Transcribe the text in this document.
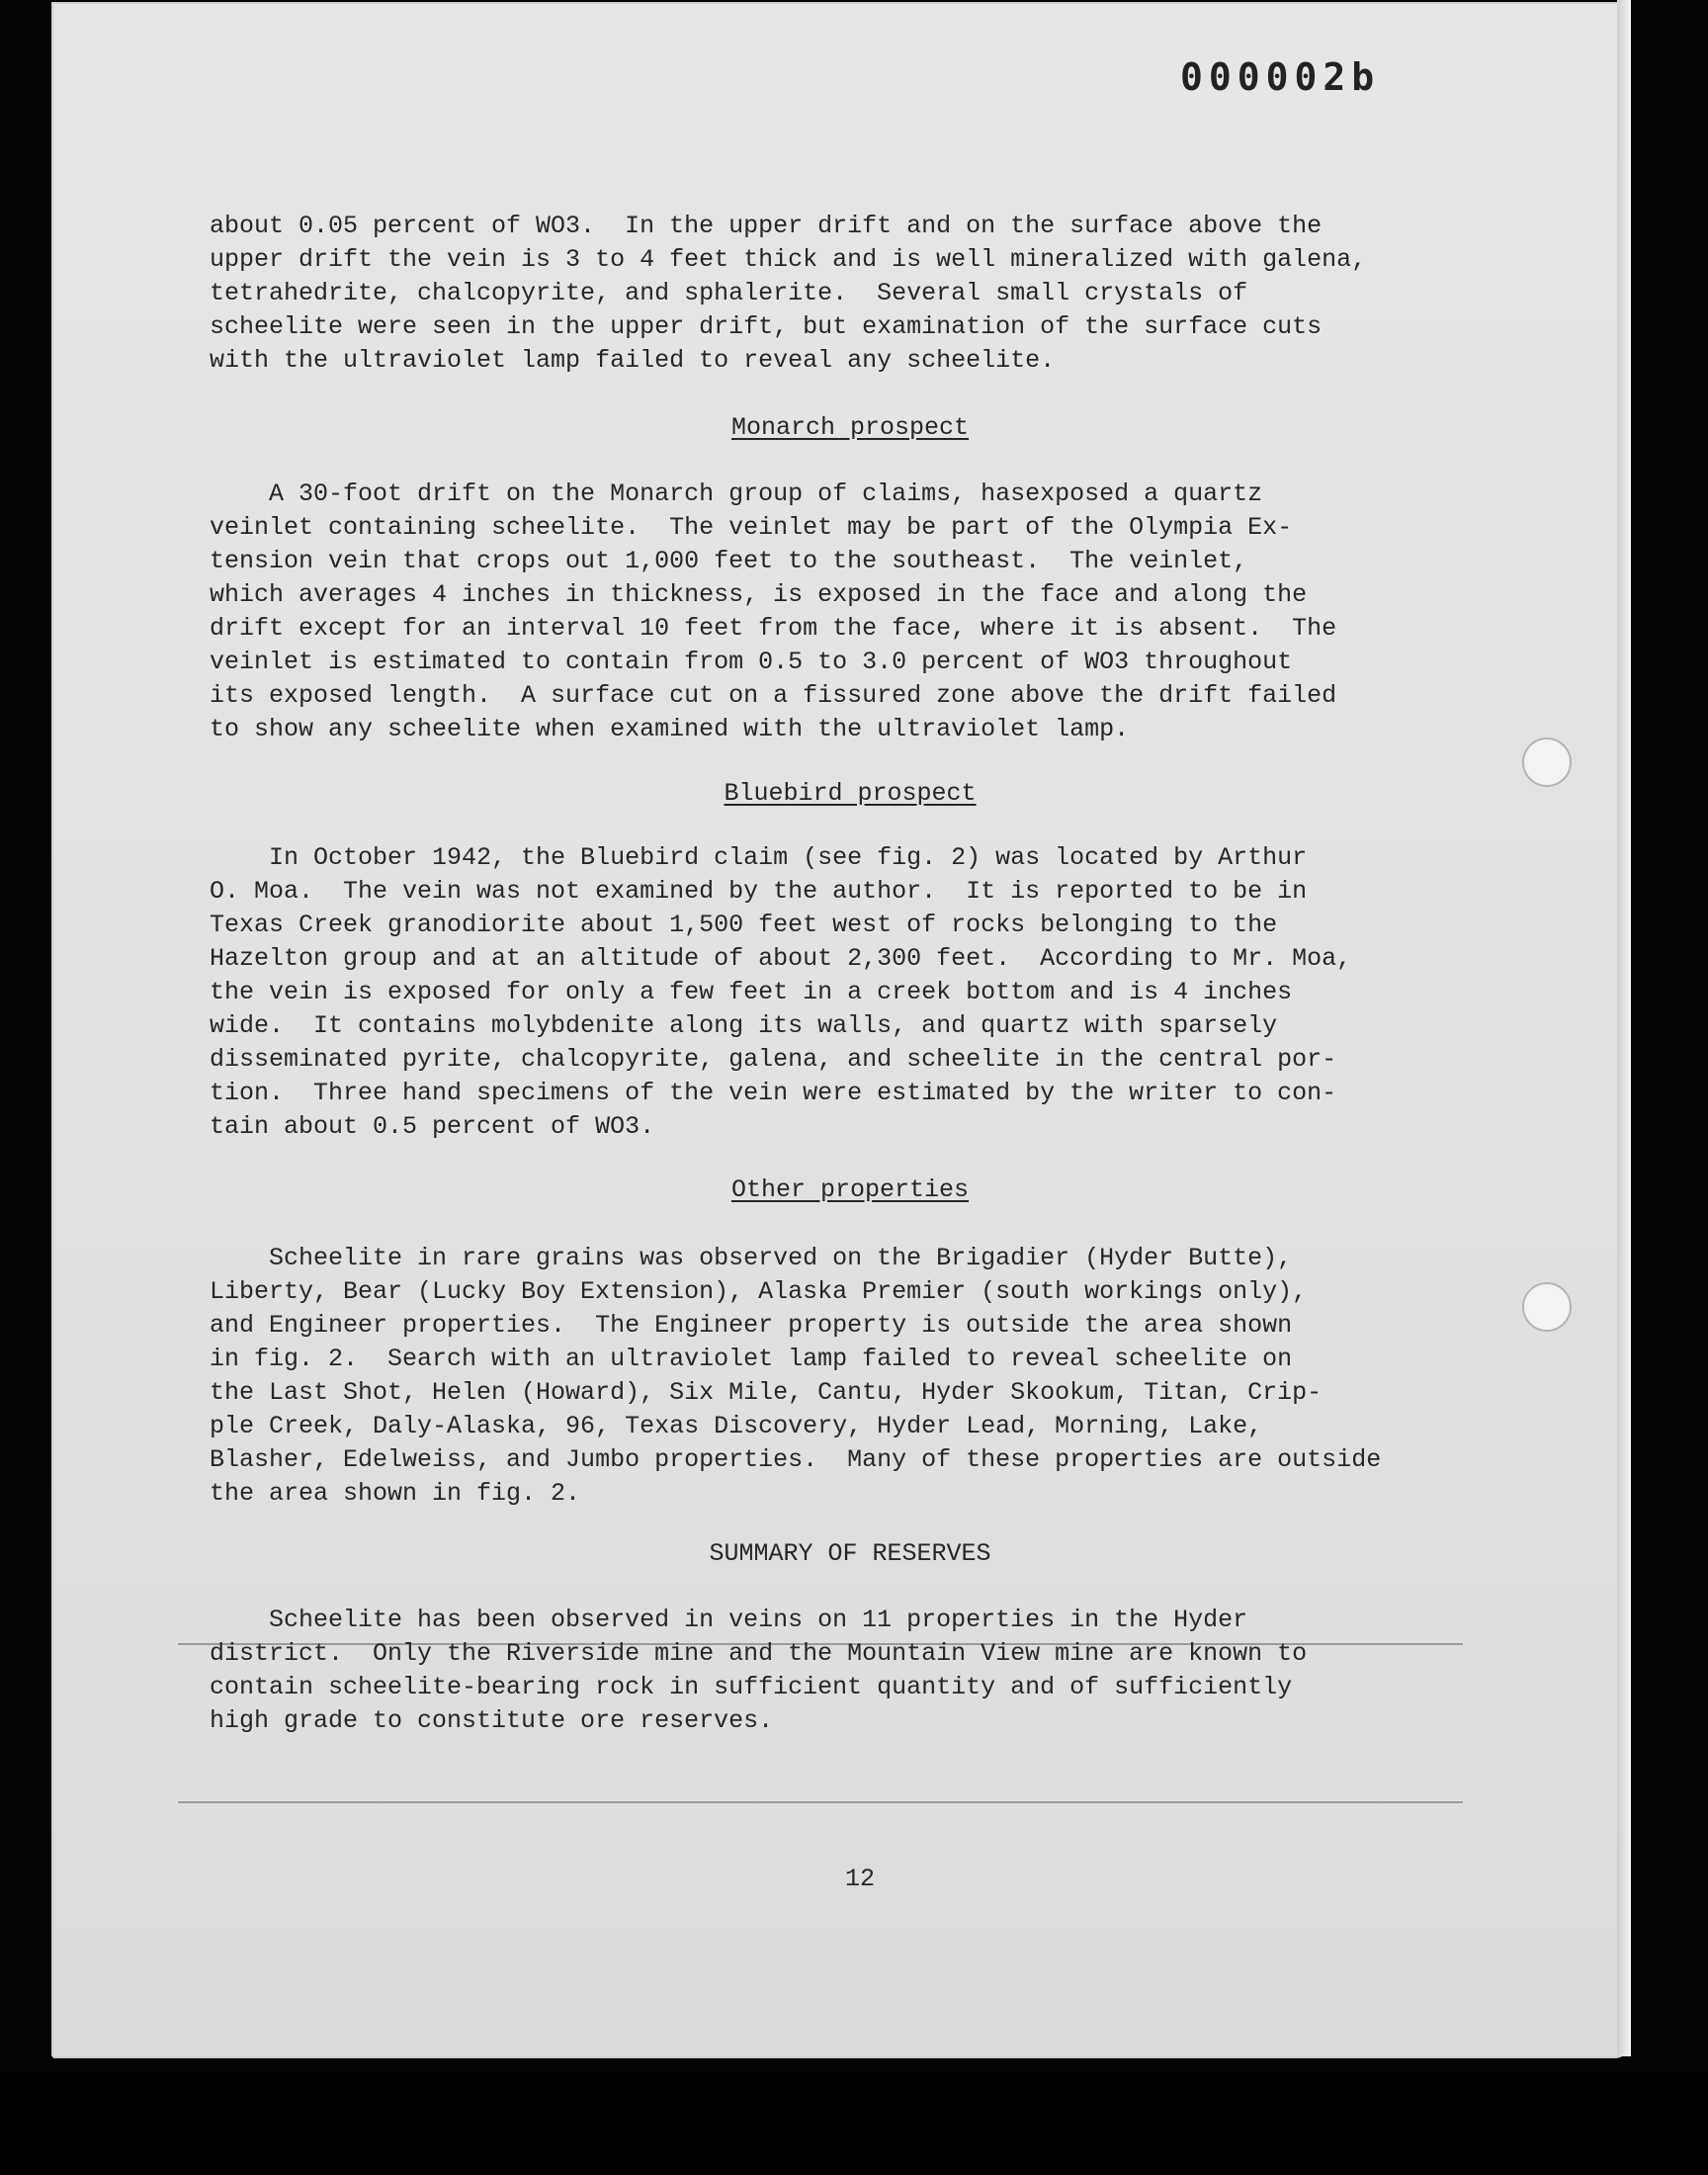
000002b
about 0.05 percent of WO3.  In the upper drift and on the surface above the
upper drift the vein is 3 to 4 feet thick and is well mineralized with galena,
tetrahedrite, chalcopyrite, and sphalerite.  Several small crystals of
scheelite were seen in the upper drift, but examination of the surface cuts
with the ultraviolet lamp failed to reveal any scheelite.
Monarch prospect
A 30-foot drift on the Monarch group of claims, hasexposed a quartz
veinlet containing scheelite.  The veinlet may be part of the Olympia Ex-
tension vein that crops out 1,000 feet to the southeast.  The veinlet,
which averages 4 inches in thickness, is exposed in the face and along the
drift except for an interval 10 feet from the face, where it is absent.  The
veinlet is estimated to contain from 0.5 to 3.0 percent of WO3 throughout
its exposed length.  A surface cut on a fissured zone above the drift failed
to show any scheelite when examined with the ultraviolet lamp.
Bluebird prospect
In October 1942, the Bluebird claim (see fig. 2) was located by Arthur
O. Moa.  The vein was not examined by the author.  It is reported to be in
Texas Creek granodiorite about 1,500 feet west of rocks belonging to the
Hazelton group and at an altitude of about 2,300 feet.  According to Mr. Moa,
the vein is exposed for only a few feet in a creek bottom and is 4 inches
wide.  It contains molybdenite along its walls, and quartz with sparsely
disseminated pyrite, chalcopyrite, galena, and scheelite in the central por-
tion.  Three hand specimens of the vein were estimated by the writer to con-
tain about 0.5 percent of WO3.
Other properties
Scheelite in rare grains was observed on the Brigadier (Hyder Butte),
Liberty, Bear (Lucky Boy Extension), Alaska Premier (south workings only),
and Engineer properties.  The Engineer property is outside the area shown
in fig. 2.  Search with an ultraviolet lamp failed to reveal scheelite on
the Last Shot, Helen (Howard), Six Mile, Cantu, Hyder Skookum, Titan, Crip-
ple Creek, Daly-Alaska, 96, Texas Discovery, Hyder Lead, Morning, Lake,
Blasher, Edelweiss, and Jumbo properties.  Many of these properties are outside
the area shown in fig. 2.
SUMMARY OF RESERVES
Scheelite has been observed in veins on 11 properties in the Hyder
district.  Only the Riverside mine and the Mountain View mine are known to
contain scheelite-bearing rock in sufficient quantity and of sufficiently
high grade to constitute ore reserves.
12
